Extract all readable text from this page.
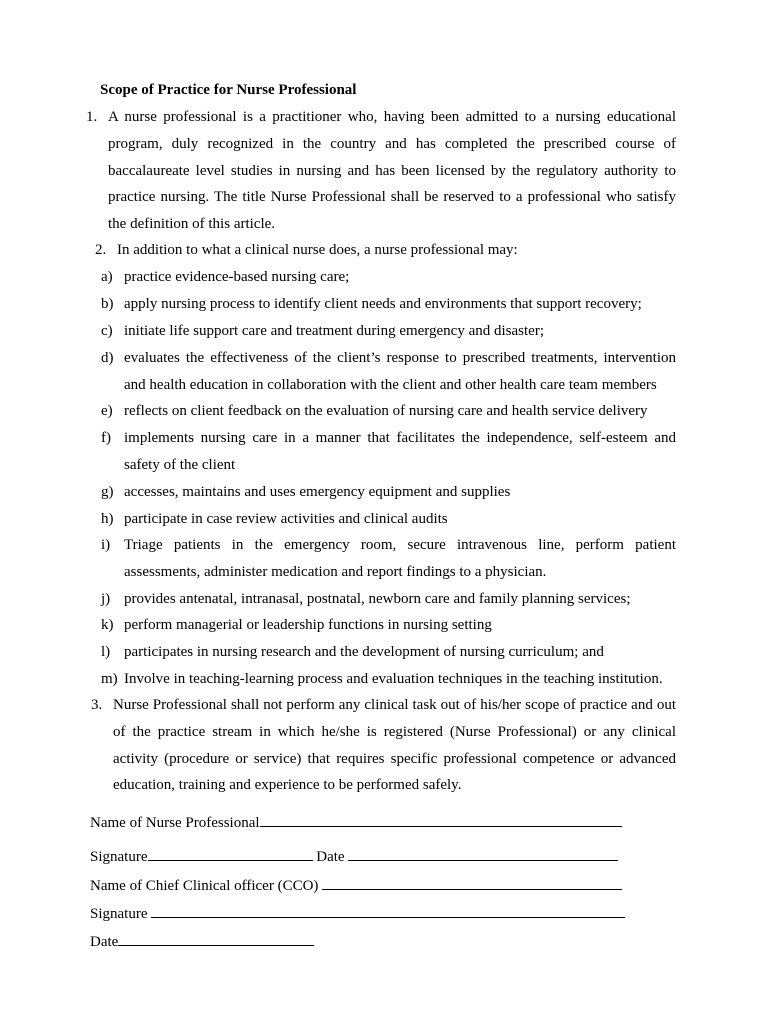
Scope of Practice for Nurse Professional
1. A nurse professional is a practitioner who, having been admitted to a nursing educational program, duly recognized in the country and has completed the prescribed course of baccalaureate level studies in nursing and has been licensed by the regulatory authority to practice nursing. The title Nurse Professional shall be reserved to a professional who satisfy the definition of this article.
2. In addition to what a clinical nurse does, a nurse professional may:
a) practice evidence-based nursing care;
b) apply nursing process to identify client needs and environments that support recovery;
c) initiate life support care and treatment during emergency and disaster;
d) evaluates the effectiveness of the client’s response to prescribed treatments, intervention and health education in collaboration with the client and other health care team members
e) reflects on client feedback on the evaluation of nursing care and health service delivery
f) implements nursing care in a manner that facilitates the independence, self-esteem and safety of the client
g) accesses, maintains and uses emergency equipment and supplies
h) participate in case review activities and clinical audits
i) Triage patients in the emergency room, secure intravenous line, perform patient assessments, administer medication and report findings to a physician.
j) provides antenatal, intranasal, postnatal, newborn care and family planning services;
k) perform managerial or leadership functions in nursing setting
l) participates in nursing research and the development of nursing curriculum; and
m) Involve in teaching-learning process and evaluation techniques in the teaching institution.
3. Nurse Professional shall not perform any clinical task out of his/her scope of practice and out of the practice stream in which he/she is registered (Nurse Professional) or any clinical activity (procedure or service) that requires specific professional competence or advanced education, training and experience to be performed safely.
Name of Nurse Professional
Signature	Date
Name of Chief Clinical officer (CCO)
Signature
Date
